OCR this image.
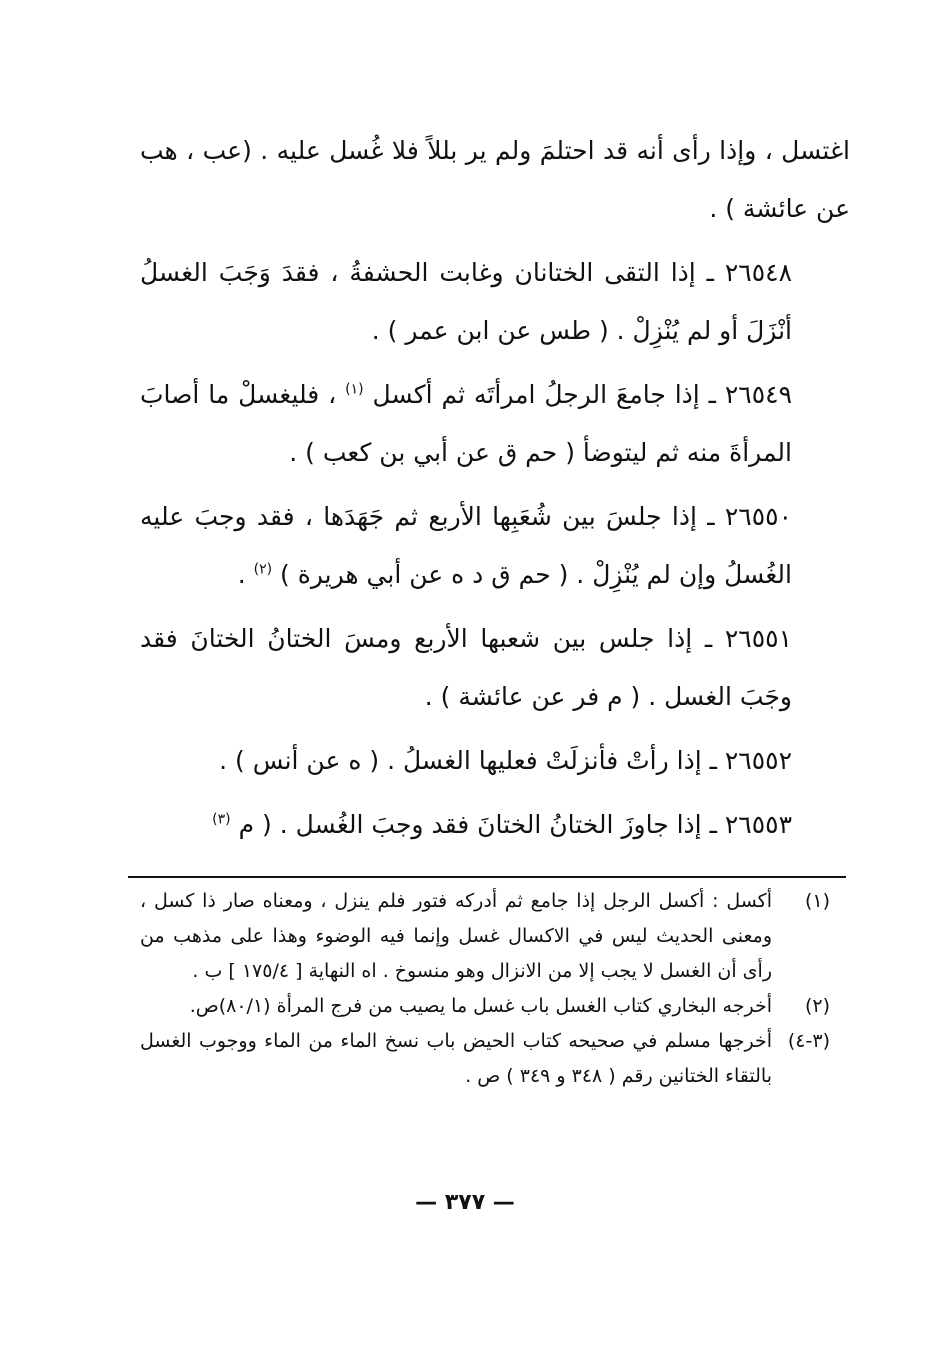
اغتسل ، وإذا رأى أنه قد احتلمَ ولم ير بللاً فلا غُسل عليه . (عب ، هب عن عائشة ) .

٢٦٥٤٨ ـ إذا التقى الختانان وغابت الحشفةُ ، فقدَ وَجَبَ الغسلُ أنْزَلَ أو لم يُنْزِلْ . ( طس عن ابن عمر ) .

٢٦٥٤٩ ـ إذا جامعَ الرجلُ امرأتَه ثم أكسل $^{(١)}$ ، فليغسلْ ما أصابَ المرأةَ منه ثم ليتوضأ ( حم ق عن أبي بن كعب ) .

٢٦٥٥٠ ـ إذا جلسَ بين شُعَبِها الأربع ثم جَهَدَها ، فقد وجبَ عليه الغُسلُ وإن لم يُنْزِلْ . ( حم ق د ه عن أبي هريرة ) $^{(٢)}$ .

٢٦٥٥١ ـ إذا جلس بين شعبها الأربع ومسَ الختانُ الختانَ فقد وجَبَ الغسل . ( م فر عن عائشة ) .

٢٦٥٥٢ ـ إذا رأتْ فأنزلَتْ فعليها الغسلُ . ( ه عن أنس ) .

٢٦٥٥٣ ـ إذا جاوزَ الختانُ الختانَ فقد وجبَ الغُسل . ( م $^{(٣)}$

(١)
أكسل : أكسل الرجل إذا جامع ثم أدركه فتور فلم ينزل ، ومعناه صار ذا كسل ، ومعنى الحديث ليس في الاكسال غسل وإنما فيه الوضوء وهذا على مذهب من رأى أن الغسل لا يجب إلا من الانزال وهو منسوخ . اه النهاية [ ١٧٥/٤ ] ب .
(٢)
أخرجه البخاري كتاب الغسل باب غسل ما يصيب من فرج المرأة (٨٠/١)ص.
(٣-٤)
أخرجها مسلم في صحيحه كتاب الحيض باب نسخ الماء من الماء ووجوب الغسل بالتقاء الختانين رقم ( ٣٤٨ و ٣٤٩ ) ص .
— ٣٧٧ —
